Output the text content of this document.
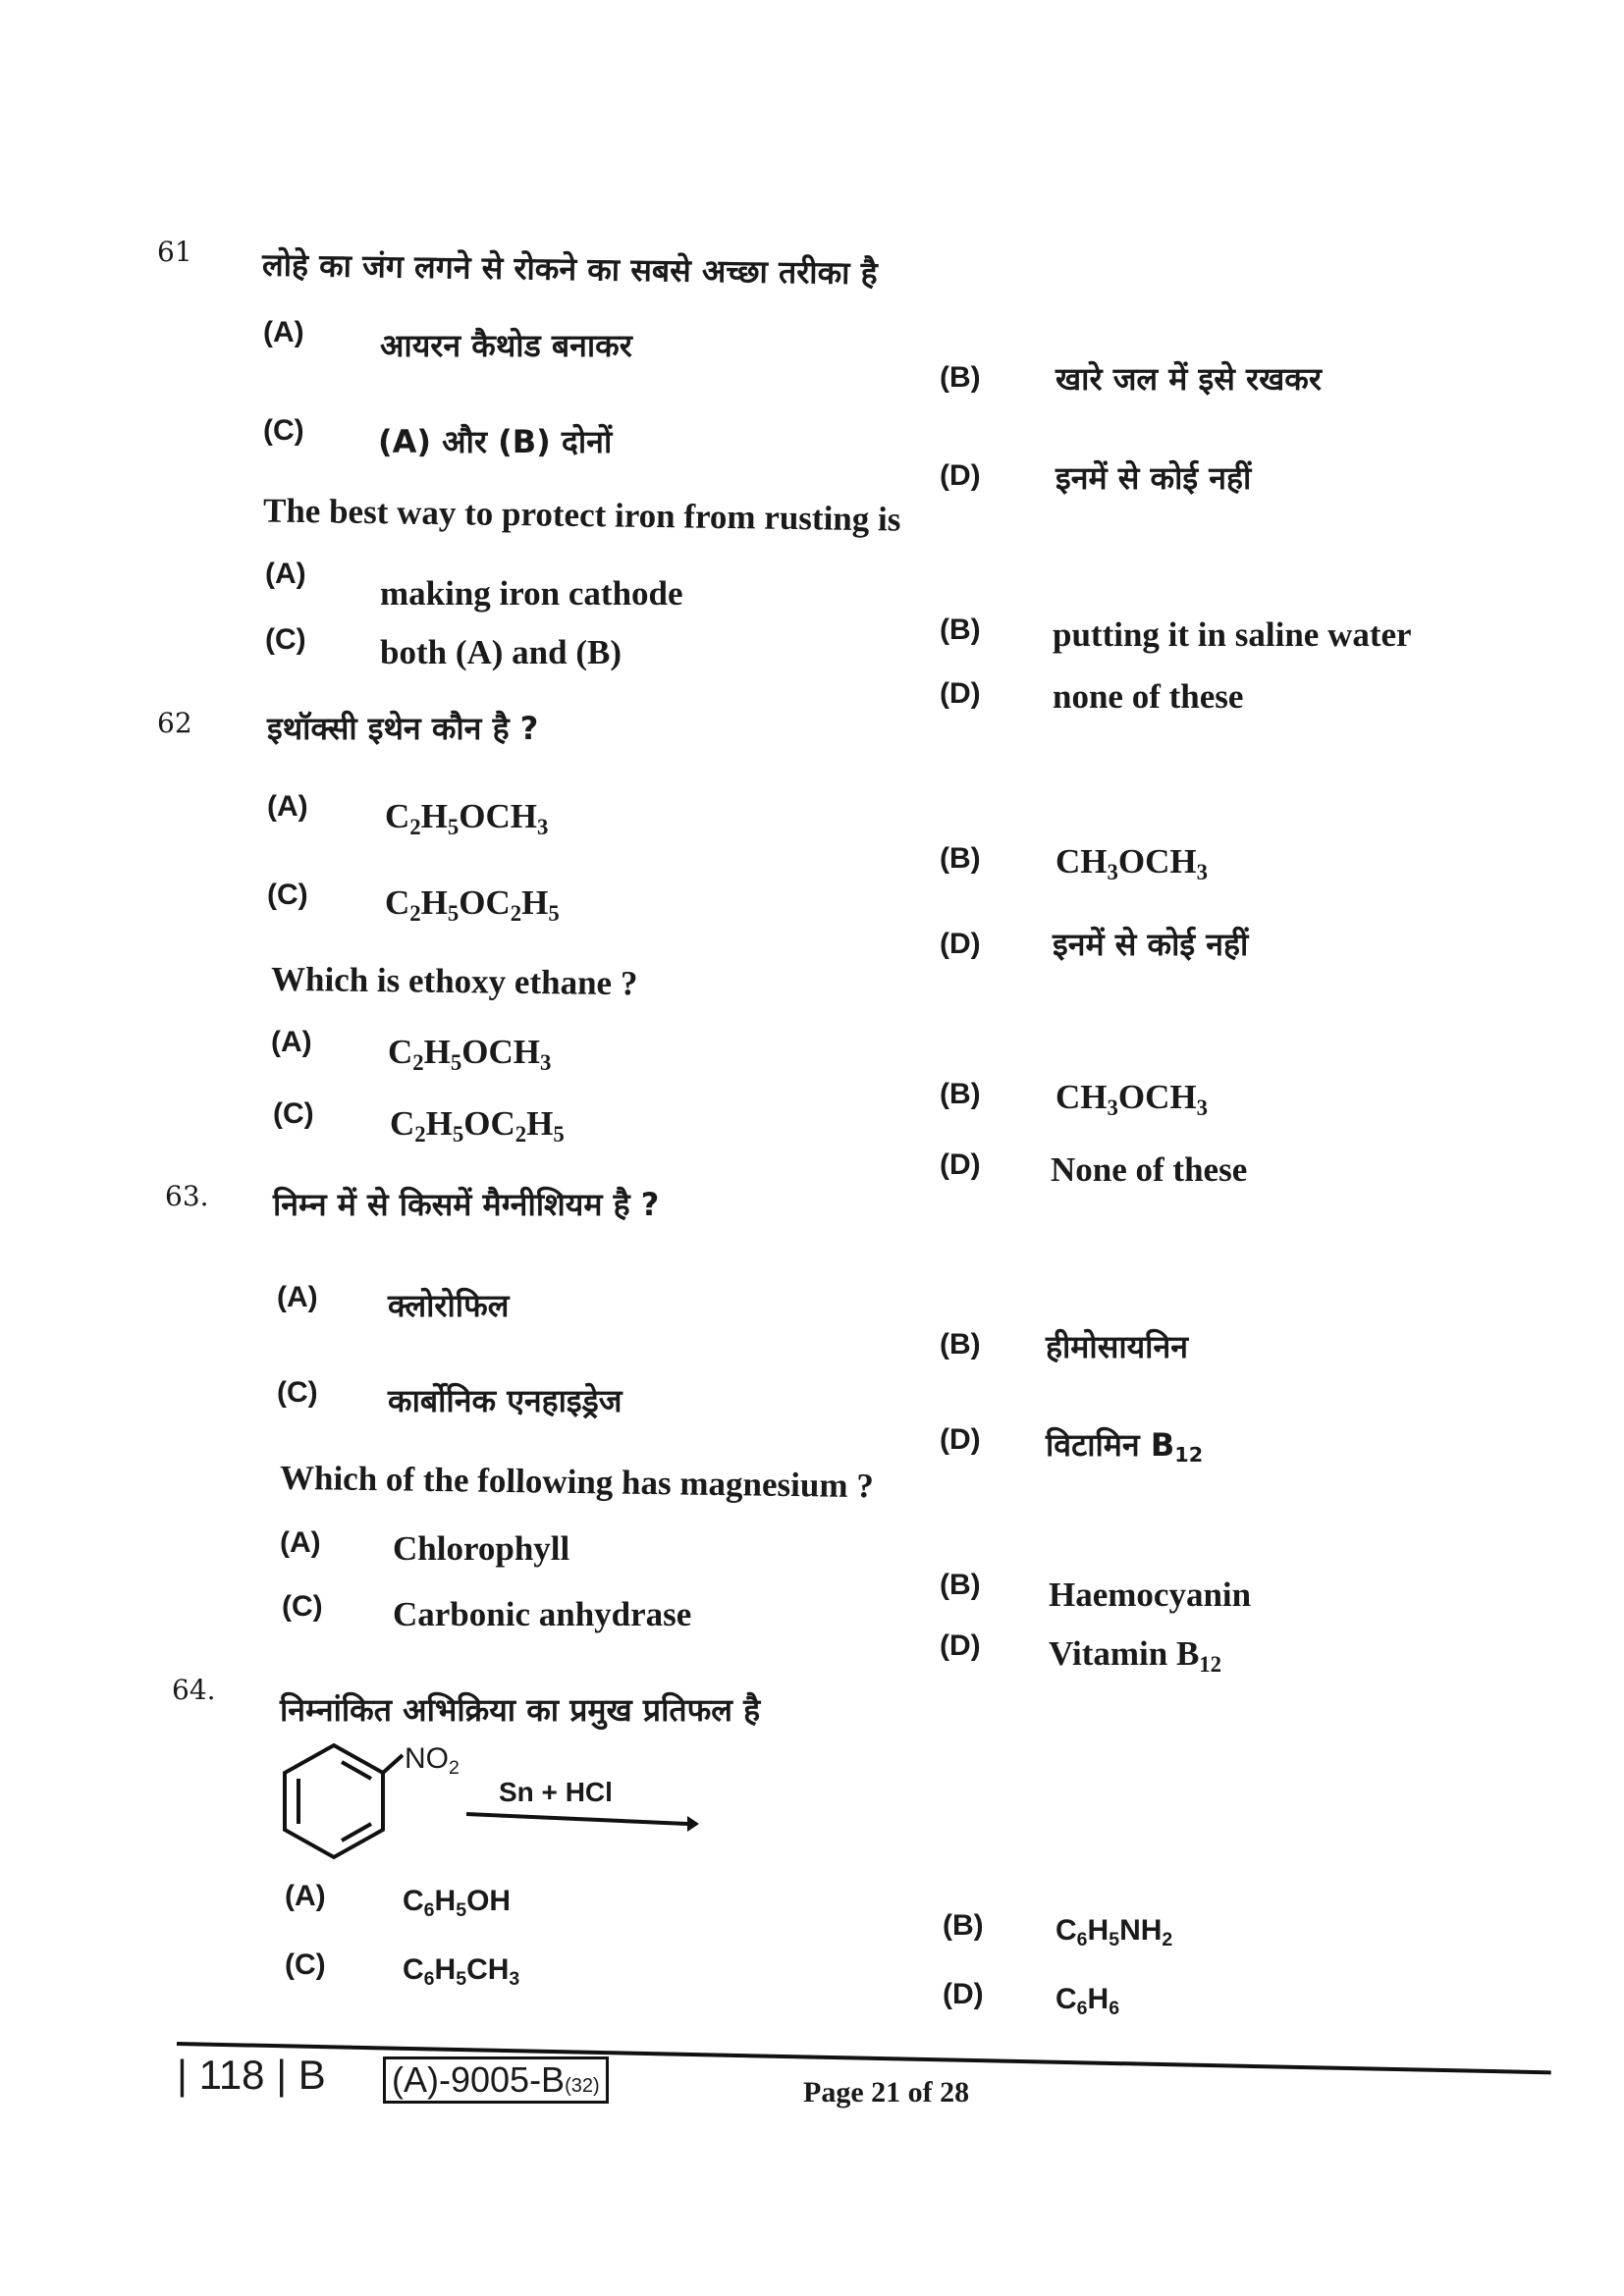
61 लोहे का जंग लगने से रोकने का सबसे अच्छा तरीका है
(A) आयरन कैथोड बनाकर
(B) खारे जल में इसे रखकर
(C) (A) और (B) दोनों
(D) इनमें से कोई नहीं
The best way to protect iron from rusting is
(A)
making iron cathode
(B) putting it in saline water
(C) both (A) and (B)
(D) none of these
62 इथॉक्सी इथेन कौन है ?
(A) $C_2H_5OCH_3$
(B) $CH_3OCH_3$
(C) $C_2H_5OC_2H_5$
(D) इनमें से कोई नहीं
Which is ethoxy ethane ?
(A) $C_2H_5OCH_3$
(B) $CH_3OCH_3$
(C) $C_2H_5OC_2H_5$
(D) None of these
63. निम्न में से किसमें मैग्नीशियम है ?
(A) क्लोरोफिल
(B) हीमोसायनिन
(C) कार्बोनिक एनहाइड्रेज
(D) विटामिन $B_{12}$
Which of the following has magnesium ?
(A) Chlorophyll
(B) Haemocyanin
(C) Carbonic anhydrase
(D) Vitamin $B_{12}$
64.
निम्नांकित अभिक्रिया का प्रमुख प्रतिफल है
$NO_2$
Sn + HCl
(A)	$C_6H_5OH$
(B) $C_6H_5NH_2$
(C)	$C_6H_5CH_3$	(D) $C_6H_6$
| 118 | B (A)-9005-B(32)	Page 21 of 28
